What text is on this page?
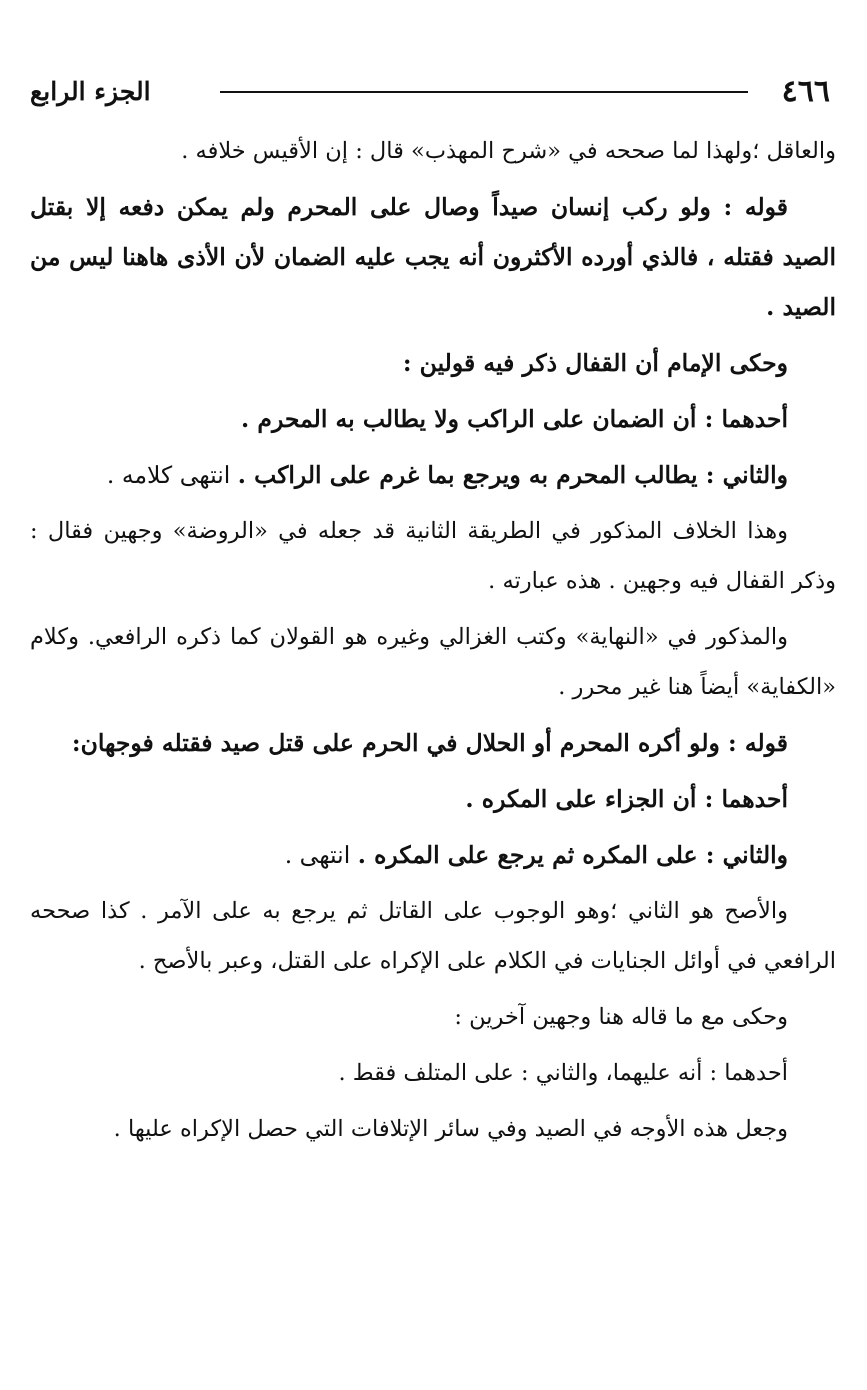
٤٦٦
الجزء الرابع

والعاقل ؛ولهذا لما صححه في «شرح المهذب» قال : إن الأقيس خلافه .

قوله : ولو ركب إنسان صيداً وصال على المحرم ولم يمكن دفعه إلا بقتل الصيد فقتله ، فالذي أورده الأكثرون أنه يجب عليه الضمان لأن الأذى هاهنا ليس من الصيد .

وحكى الإمام أن القفال ذكر فيه قولين :

أحدهما : أن الضمان على الراكب ولا يطالب به المحرم .

والثاني : يطالب المحرم به ويرجع بما غرم على الراكب . انتهى كلامه .

وهذا الخلاف المذكور في الطريقة الثانية قد جعله في «الروضة» وجهين فقال : وذكر القفال فيه وجهين . هذه عبارته .

والمذكور في «النهاية» وكتب الغزالي وغيره هو القولان كما ذكره الرافعي. وكلام «الكفاية» أيضاً هنا غير محرر .

قوله : ولو أكره المحرم أو الحلال في الحرم على قتل صيد فقتله فوجهان:

أحدهما : أن الجزاء على المكره .

والثاني : على المكره ثم يرجع على المكره . انتهى .

والأصح هو الثاني ؛وهو الوجوب على القاتل ثم يرجع به على الآمر . كذا صححه الرافعي في أوائل الجنايات في الكلام على الإكراه على القتل، وعبر بالأصح .

وحكى مع ما قاله هنا وجهين آخرين :

أحدهما : أنه عليهما، والثاني : على المتلف فقط .

وجعل هذه الأوجه في الصيد وفي سائر الإتلافات التي حصل الإكراه عليها .
